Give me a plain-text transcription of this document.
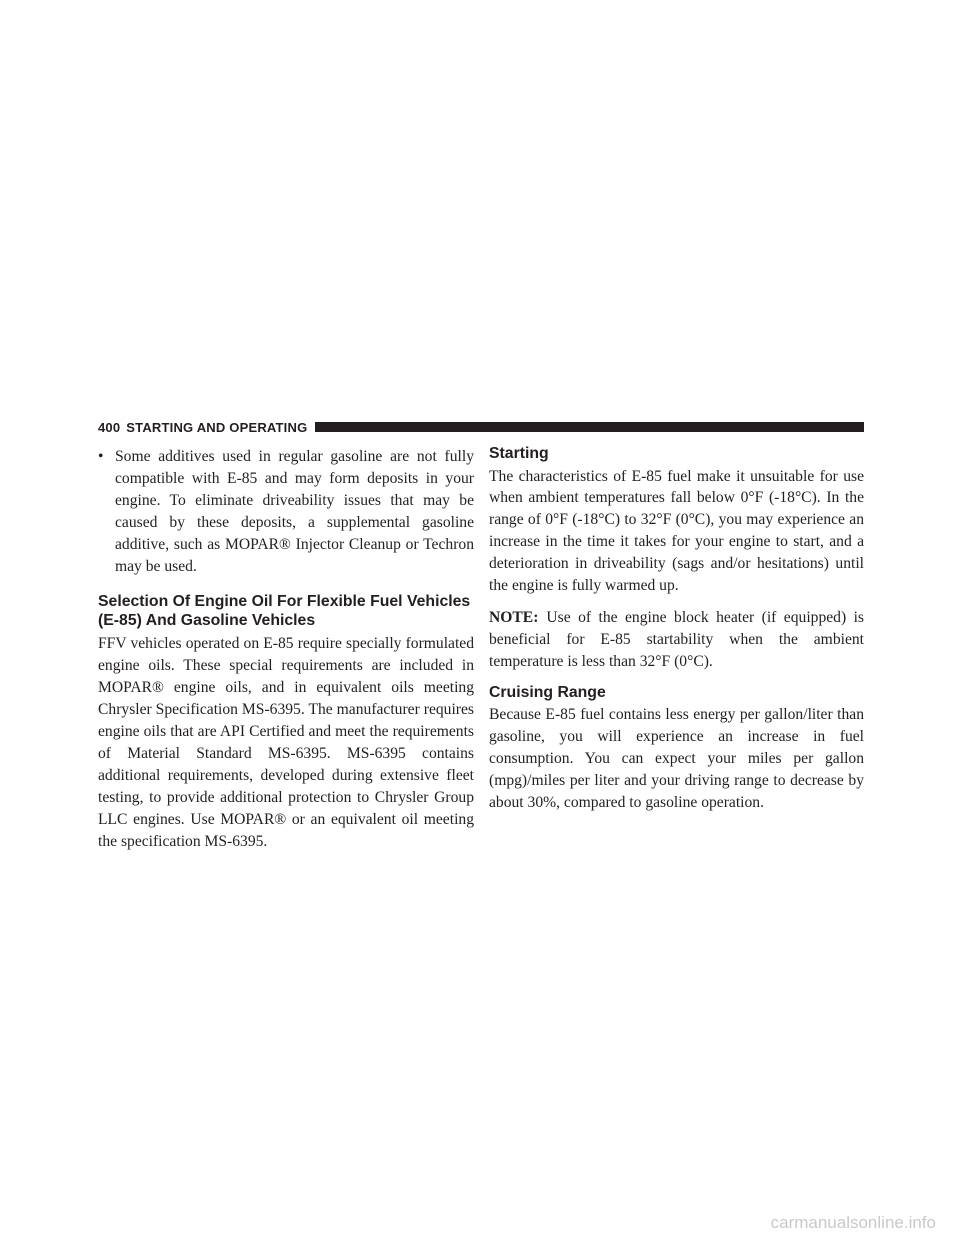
400 STARTING AND OPERATING
• Some additives used in regular gasoline are not fully compatible with E-85 and may form deposits in your engine. To eliminate driveability issues that may be caused by these deposits, a supplemental gasoline additive, such as MOPAR® Injector Cleanup or Techron may be used.
Selection Of Engine Oil For Flexible Fuel Vehicles (E-85) And Gasoline Vehicles

FFV vehicles operated on E-85 require specially formulated engine oils. These special requirements are included in MOPAR® engine oils, and in equivalent oils meeting Chrysler Specification MS-6395. The manufacturer requires engine oils that are API Certified and meet the requirements of Material Standard MS-6395. MS-6395 contains additional requirements, developed during extensive fleet testing, to provide additional protection to Chrysler Group LLC engines. Use MOPAR® or an equivalent oil meeting the specification MS-6395.

Starting

The characteristics of E-85 fuel make it unsuitable for use when ambient temperatures fall below 0°F (-18°C). In the range of 0°F (-18°C) to 32°F (0°C), you may experience an increase in the time it takes for your engine to start, and a deterioration in driveability (sags and/or hesitations) until the engine is fully warmed up.

NOTE: Use of the engine block heater (if equipped) is beneficial for E-85 startability when the ambient temperature is less than 32°F (0°C).

Cruising Range

Because E-85 fuel contains less energy per gallon/liter than gasoline, you will experience an increase in fuel consumption. You can expect your miles per gallon (mpg)/miles per liter and your driving range to decrease by about 30%, compared to gasoline operation.

carmanualsonline.info
